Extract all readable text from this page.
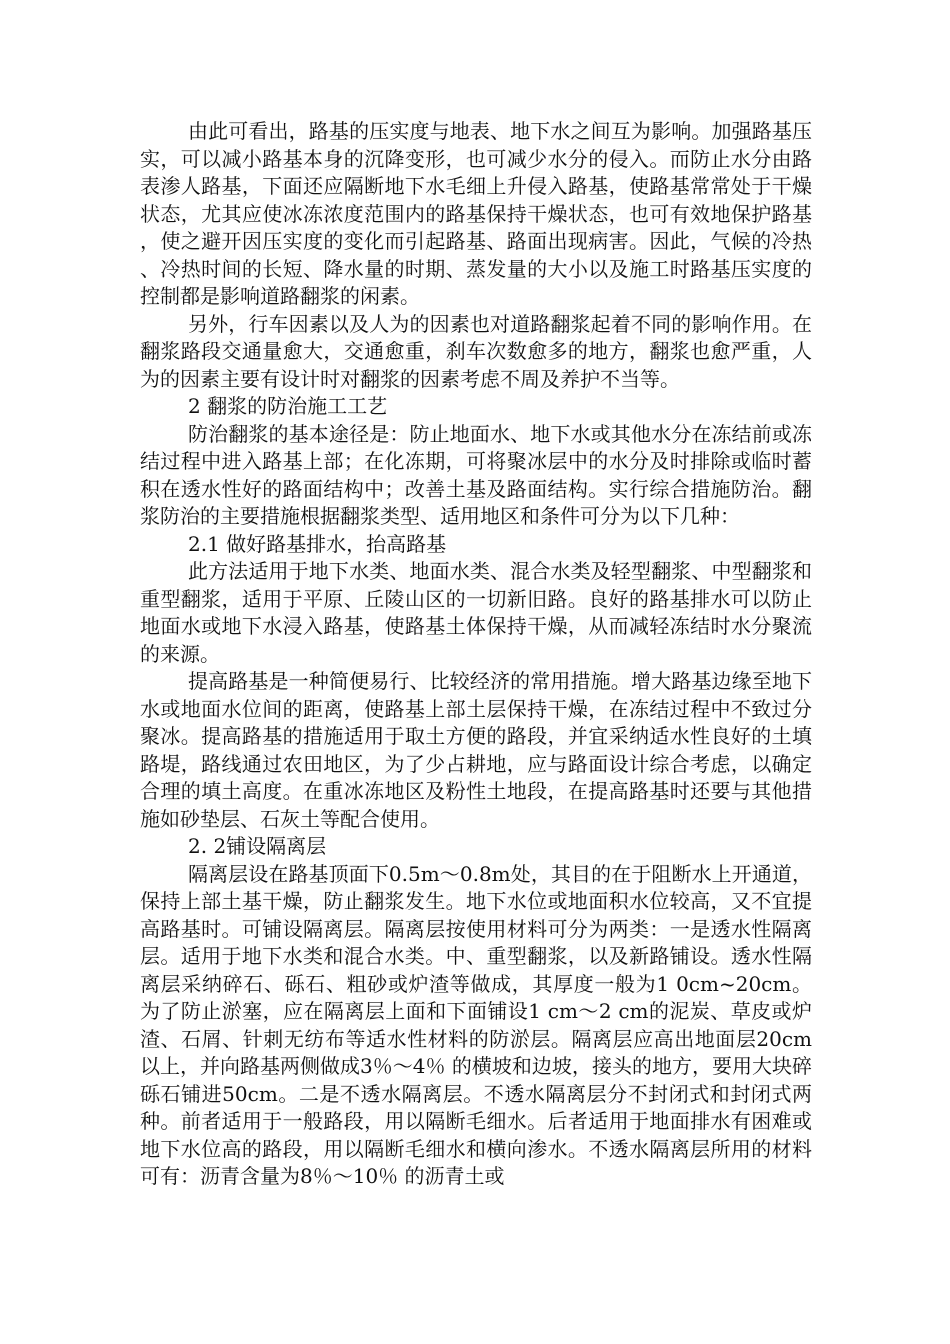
由此可看出，路基的压实度与地表、地下水之间互为影响。加强路基压实，可以减小路基本身的沉降变形，也可减少水分的侵入。而防止水分由路表渗人路基，下面还应隔断地下水毛细上升侵入路基，使路基常常处于干燥状态，尤其应使冰冻浓度范围内的路基保持干燥状态，也可有效地保护路基，使之避开因压实度的变化而引起路基、路面出现病害。因此，气候的冷热、冷热时间的长短、降水量的时期、蒸发量的大小以及施工时路基压实度的控制都是影响道路翻浆的闲素。

另外，行车因素以及人为的因素也对道路翻浆起着不同的影响作用。在翻浆路段交通量愈大，交通愈重，刹车次数愈多的地方，翻浆也愈严重，人为的因素主要有设计时对翻浆的因素考虑不周及养护不当等。

2 翻浆的防治施工工艺

防治翻浆的基本途径是：防止地面水、地下水或其他水分在冻结前或冻结过程中进入路基上部；在化冻期，可将聚冰层中的水分及时排除或临时蓄积在透水性好的路面结构中；改善土基及路面结构。实行综合措施防治。翻浆防治的主要措施根据翻浆类型、适用地区和条件可分为以下几种：

2.1 做好路基排水，抬高路基

此方法适用于地下水类、地面水类、混合水类及轻型翻浆、中型翻浆和重型翻浆，适用于平原、丘陵山区的一切新旧路。良好的路基排水可以防止地面水或地下水浸入路基，使路基土体保持干燥，从而减轻冻结时水分聚流的来源。

提高路基是一种简便易行、比较经济的常用措施。增大路基边缘至地下水或地面水位间的距离，使路基上部土层保持干燥，在冻结过程中不致过分聚冰。提高路基的措施适用于取土方便的路段，并宜采纳适水性良好的土填路堤，路线通过农田地区，为了少占耕地，应与路面设计综合考虑，以确定合理的填土高度。在重冰冻地区及粉性土地段，在提高路基时还要与其他措施如砂垫层、石灰土等配合使用。

2. 2铺设隔离层

隔离层设在路基顶面下0.5m～0.8m处，其目的在于阻断水上开通道，保持上部土基干燥，防止翻浆发生。地下水位或地面积水位较高，又不宜提高路基时。可铺设隔离层。隔离层按使用材料可分为两类：一是透水性隔离层。适用于地下水类和混合水类。中、重型翻浆，以及新路铺设。透水性隔离层采纳碎石、砾石、粗砂或炉渣等做成，其厚度一般为1 0cm~20cm。为了防止淤塞，应在隔离层上面和下面铺设1 cm～2 cm的泥炭、草皮或炉渣、石屑、针刺无纺布等适水性材料的防淤层。隔离层应高出地面层20cm以上，并向路基两侧做成3％～4％ 的横坡和边坡，接头的地方，要用大块碎砾石铺进50cm。二是不透水隔离层。不透水隔离层分不封闭式和封闭式两种。前者适用于一般路段，用以隔断毛细水。后者适用于地面排水有困难或地下水位高的路段，用以隔断毛细水和横向渗水。不透水隔离层所用的材料可有：沥青含量为8％～10％ 的沥青土或
